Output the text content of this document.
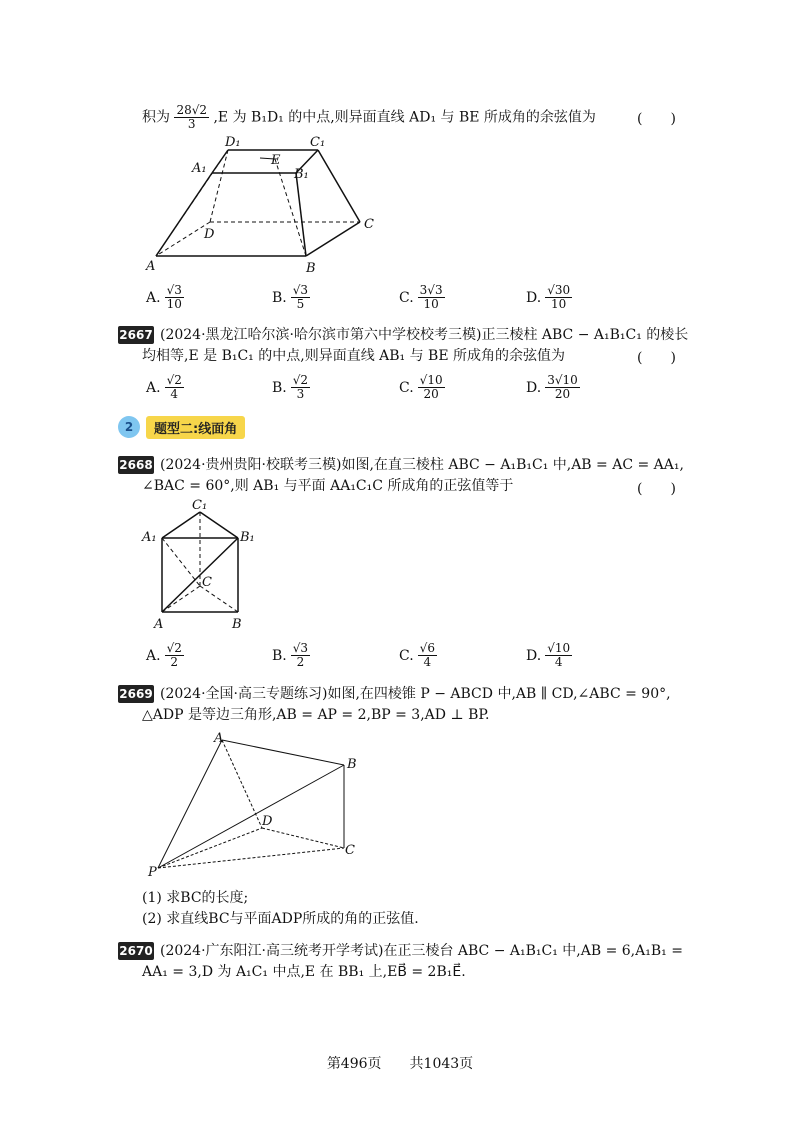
积为 $\frac{28√2}{3} ,E$ 为 B₁D₁ 的中点,则异面直线 AD₁ 与 BE 所成角的余弦值为	(　　)
D₁	C₁
A₁
E
B₁
D
C
A	B
A. $\frac{√3}{10}$	B. $\frac{√3}{5}$	C. $\frac{3√3}{10}$	D. $\frac{√30}{10}$
2667 (2024·黑龙江哈尔滨·哈尔滨市第六中学校校考三模)正三棱柱 ABC − A₁B₁C₁ 的棱长
均相等,E 是 B₁C₁ 的中点,则异面直线 AB₁ 与 BE 所成角的余弦值为	(　　)
A. $\frac{√2}{4}$	B. $\frac{√2}{3}$	C. $\frac{√10}{20}$	D. $\frac{3√10}{20}$
2	题型二:线面角
2668 (2024·贵州贵阳·校联考三模)如图,在直三棱柱 ABC − A₁B₁C₁ 中,AB = AC = AA₁,
∠BAC = 60°,则 AB₁ 与平面 AA₁C₁C 所成角的正弦值等于	(　　)
C₁
A₁	B₁
C
A	B
A. $\frac{√2}{2}$	B. $\frac{√3}{2}$	C. $\frac{√6}{4}$	D. $\frac{√10}{4}$
2669 (2024·全国·高三专题练习)如图,在四棱锥 P − ABCD 中,AB ∥ CD,∠ABC = 90°,
△ADP 是等边三角形,AB = AP = 2,BP = 3,AD ⊥ BP.
A
B
D
C
P
(1) 求BC的长度;
(2) 求直线BC与平面ADP所成的角的正弦值.
2670 (2024·广东阳江·高三统考开学考试)在正三棱台 ABC − A₁B₁C₁ 中,AB = 6,A₁B₁ =
AA₁ = 3,D 为 A₁C₁ 中点,E 在 BB₁ 上,EB⃗ = 2B₁E⃗.
第496页　　共1043页
